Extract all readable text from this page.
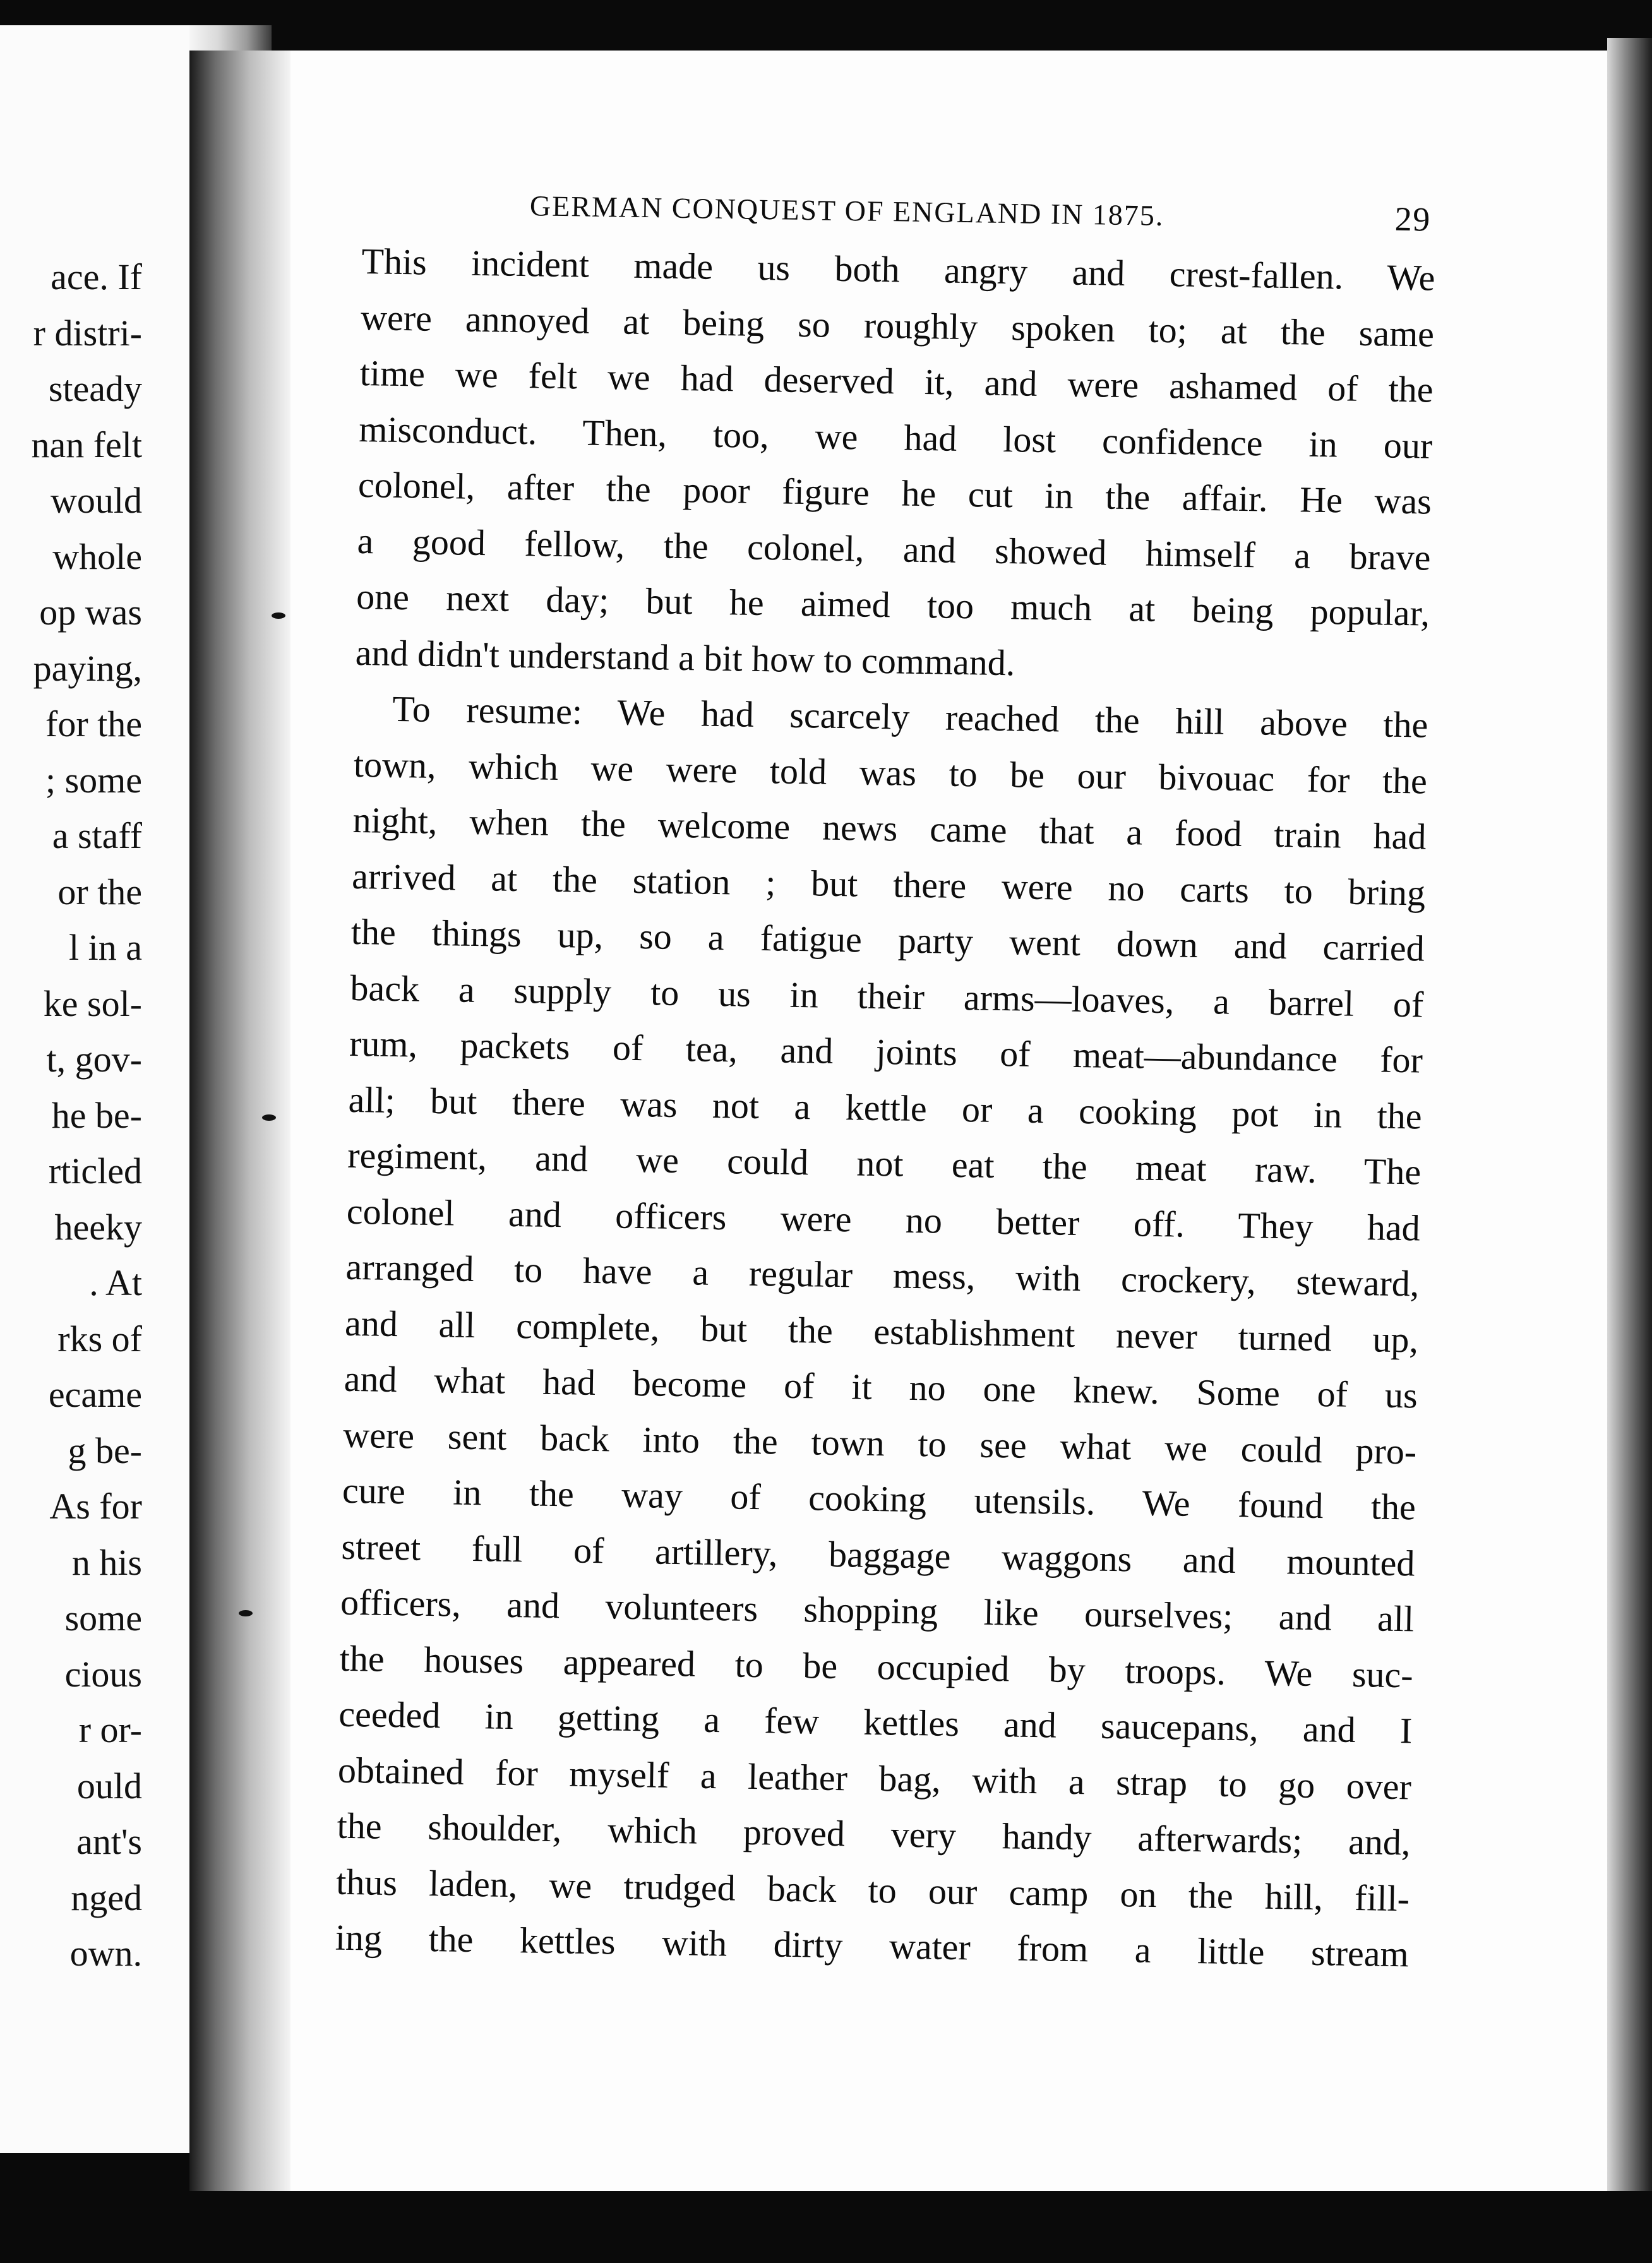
ace. If
r distri-
steady
nan felt
would
whole
op was
paying,
for the
; some
a staff
or the
l in a
ke sol-
t, gov-
he be-
rticled
heeky
. At
rks of
ecame
g be-
As for
n his
some
cious
r or-
ould
ant's
nged
own.
GERMAN CONQUEST OF ENGLAND IN 1875.	29
This incident made us both angry and crest-fallen. We
were annoyed at being so roughly spoken to; at the same
time we felt we had deserved it, and were ashamed of the
misconduct. Then, too, we had lost confidence in our
colonel, after the poor figure he cut in the affair. He was
a good fellow, the colonel, and showed himself a brave
one next day; but he aimed too much at being popular,
and didn't understand a bit how to command.
To resume: We had scarcely reached the hill above the
town, which we were told was to be our bivouac for the
night, when the welcome news came that a food train had
arrived at the station ; but there were no carts to bring
the things up, so a fatigue party went down and carried
back a supply to us in their arms—loaves, a barrel of
rum, packets of tea, and joints of meat—abundance for
all; but there was not a kettle or a cooking pot in the
regiment, and we could not eat the meat raw. The
colonel and officers were no better off. They had
arranged to have a regular mess, with crockery, steward,
and all complete, but the establishment never turned up,
and what had become of it no one knew. Some of us
were sent back into the town to see what we could pro-
cure in the way of cooking utensils. We found the
street full of artillery, baggage waggons and mounted
officers, and volunteers shopping like ourselves; and all
the houses appeared to be occupied by troops. We suc-
ceeded in getting a few kettles and saucepans, and I
obtained for myself a leather bag, with a strap to go over
the shoulder, which proved very handy afterwards; and,
thus laden, we trudged back to our camp on the hill, fill-
ing the kettles with dirty water from a little stream
